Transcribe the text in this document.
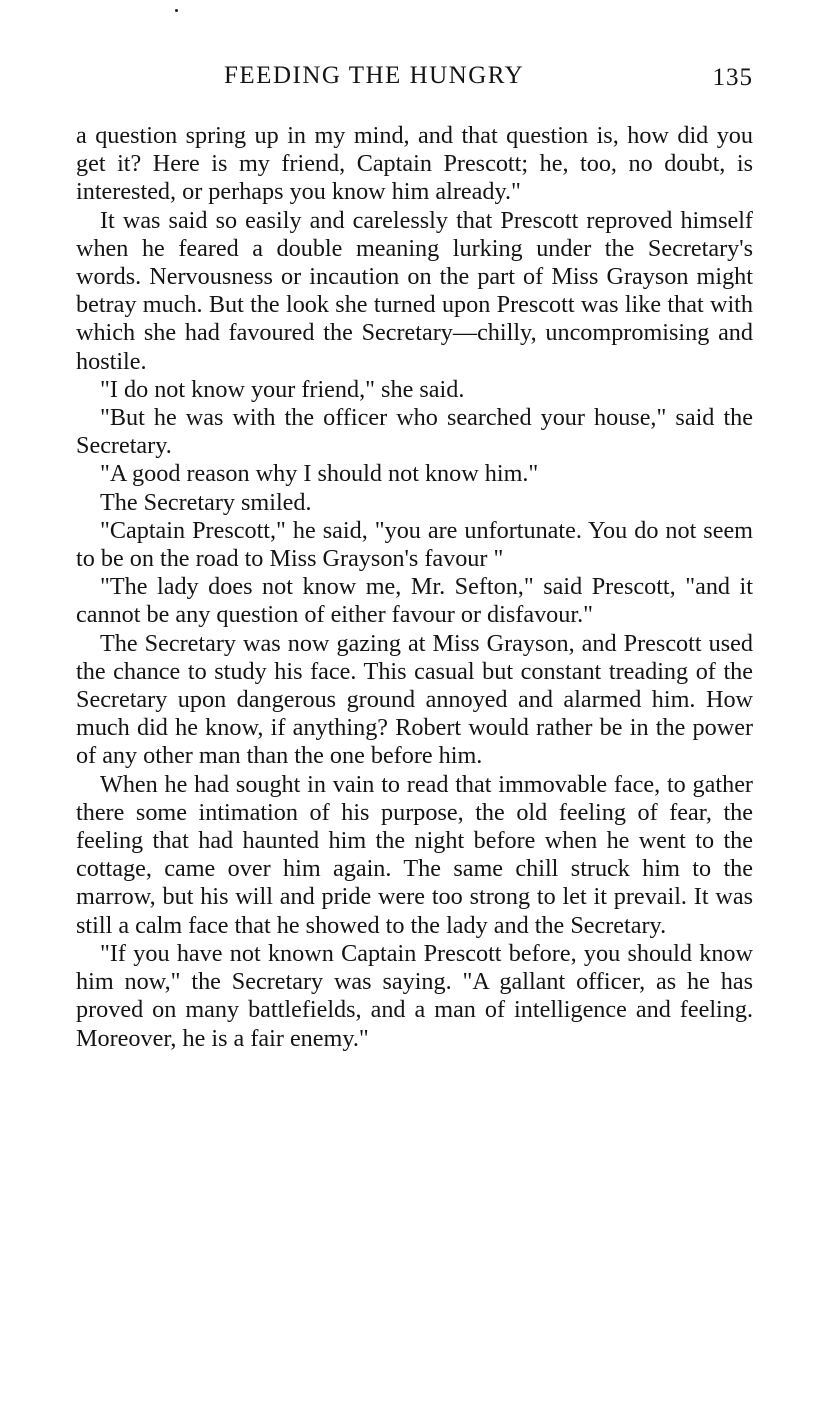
FEEDING THE HUNGRY	135

a question spring up in my mind, and that question is, how did you get it? Here is my friend, Captain Prescott; he, too, no doubt, is interested, or perhaps you know him already."

It was said so easily and carelessly that Prescott reproved himself when he feared a double meaning lurking under the Secretary's words. Nervousness or incaution on the part of Miss Grayson might betray much. But the look she turned upon Prescott was like that with which she had favoured the Secretary—chilly, uncompromising and hostile.

"I do not know your friend," she said.

"But he was with the officer who searched your house," said the Secretary.

"A good reason why I should not know him."

The Secretary smiled.

"Captain Prescott," he said, "you are unfortunate. You do not seem to be on the road to Miss Grayson's favour "

"The lady does not know me, Mr. Sefton," said Prescott, "and it cannot be any question of either favour or disfavour."

The Secretary was now gazing at Miss Grayson, and Prescott used the chance to study his face. This casual but constant treading of the Secretary upon dangerous ground annoyed and alarmed him. How much did he know, if anything? Robert would rather be in the power of any other man than the one before him.

When he had sought in vain to read that immovable face, to gather there some intimation of his purpose, the old feeling of fear, the feeling that had haunted him the night before when he went to the cottage, came over him again. The same chill struck him to the marrow, but his will and pride were too strong to let it prevail. It was still a calm face that he showed to the lady and the Secretary.

"If you have not known Captain Prescott before, you should know him now," the Secretary was saying. "A gallant officer, as he has proved on many battlefields, and a man of intelligence and feeling. Moreover, he is a fair enemy."
